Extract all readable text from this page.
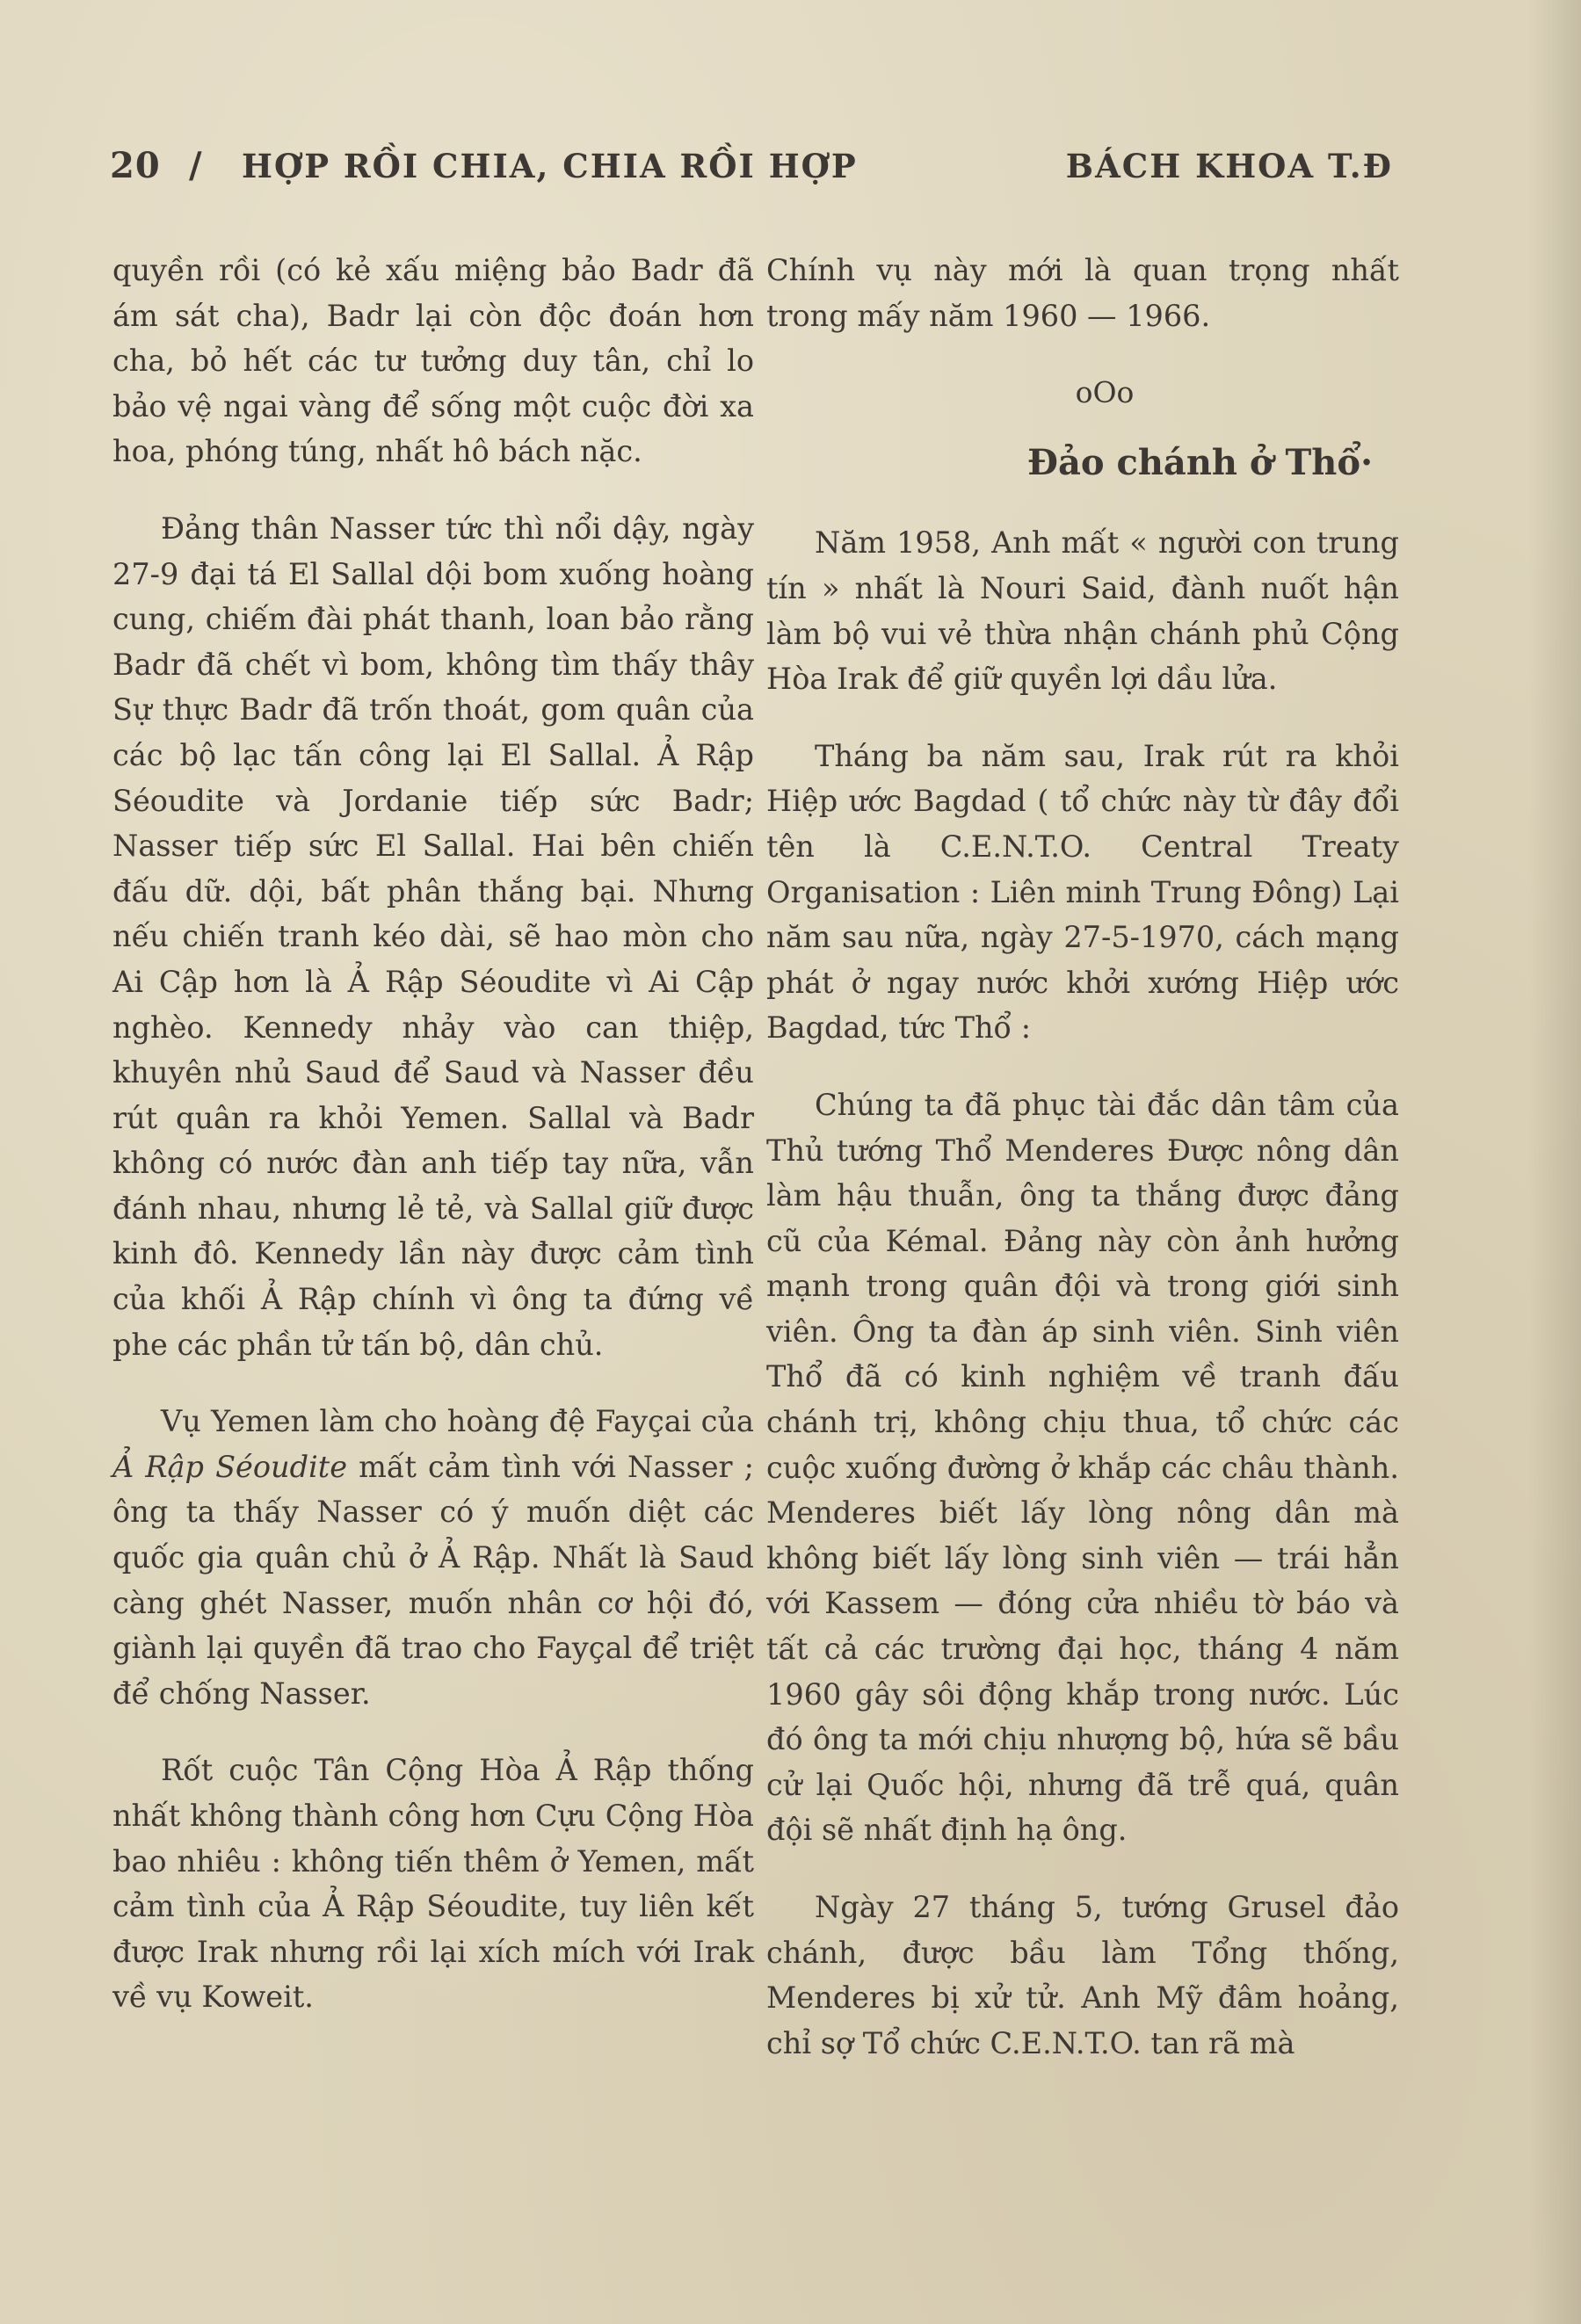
20 / HỢP RỒI CHIA, CHIA RỒI HỢP	BÁCH KHOA T.Đ

quyền rồi (có kẻ xấu miệng bảo Badr đã ám sát cha), Badr lại còn độc đoán hơn cha, bỏ hết các tư tưởng duy tân, chỉ lo bảo vệ ngai vàng để sống một cuộc đời xa hoa, phóng túng, nhất hô bách nặc.

Đảng thân Nasser tức thì nổi dậy, ngày 27-9 đại tá El Sallal dội bom xuống hoàng cung, chiếm đài phát thanh, loan bảo rằng Badr đã chết vì bom, không tìm thấy thây Sự thực Badr đã trốn thoát, gom quân của các bộ lạc tấn công lại El Sallal. Ả Rập Séoudite và Jordanie tiếp sức Badr; Nasser tiếp sức El Sallal. Hai bên chiến đấu dữ. dội, bất phân thắng bại. Nhưng nếu chiến tranh kéo dài, sẽ hao mòn cho Ai Cập hơn là Ả Rập Séoudite vì Ai Cập nghèo. Kennedy nhảy vào can thiệp, khuyên nhủ Saud để Saud và Nasser đều rút quân ra khỏi Yemen. Sallal và Badr không có nước đàn anh tiếp tay nữa, vẫn đánh nhau, nhưng lẻ tẻ, và Sallal giữ được kinh đô. Kennedy lần này được cảm tình của khối Ả Rập chính vì ông ta đứng về phe các phần tử tấn bộ, dân chủ.

Vụ Yemen làm cho hoàng đệ Fayçai của Ả Rập Séoudite mất cảm tình với Nasser ; ông ta thấy Nasser có ý muốn diệt các quốc gia quân chủ ở Ả Rập. Nhất là Saud càng ghét Nasser, muốn nhân cơ hội đó, giành lại quyền đã trao cho Fayçal để triệt để chống Nasser.

Rốt cuộc Tân Cộng Hòa Ả Rập thống nhất không thành công hơn Cựu Cộng Hòa bao nhiêu : không tiến thêm ở Yemen, mất cảm tình của Ả Rập Séoudite, tuy liên kết được Irak nhưng rồi lại xích mích với Irak về vụ Koweit.

Chính vụ này mới là quan trọng nhất trong mấy năm 1960 — 1966.

oOo
Đảo chánh ở Thổ·

Năm 1958, Anh mất « người con trung tín » nhất là Nouri Said, đành nuốt hận làm bộ vui vẻ thừa nhận chánh phủ Cộng Hòa Irak để giữ quyền lợi dầu lửa.

Tháng ba năm sau, Irak rút ra khỏi Hiệp ước Bagdad ( tổ chức này từ đây đổi tên là C.E.N.T.O. Central Treaty Organisation : Liên minh Trung Đông) Lại năm sau nữa, ngày 27-5-1970, cách mạng phát ở ngay nước khởi xướng Hiệp ước Bagdad, tức Thổ :

Chúng ta đã phục tài đắc dân tâm của Thủ tướng Thổ Menderes Được nông dân làm hậu thuẫn, ông ta thắng được đảng cũ của Kémal. Đảng này còn ảnh hưởng mạnh trong quân đội và trong giới sinh viên. Ông ta đàn áp sinh viên. Sinh viên Thổ đã có kinh nghiệm về tranh đấu chánh trị, không chịu thua, tổ chức các cuộc xuống đường ở khắp các châu thành. Menderes biết lấy lòng nông dân mà không biết lấy lòng sinh viên — trái hẳn với Kassem — đóng cửa nhiều tờ báo và tất cả các trường đại học, tháng 4 năm 1960 gây sôi động khắp trong nước. Lúc đó ông ta mới chịu nhượng bộ, hứa sẽ bầu cử lại Quốc hội, nhưng đã trễ quá, quân đội sẽ nhất định hạ ông.

Ngày 27 tháng 5, tướng Grusel đảo chánh, được bầu làm Tổng thống, Menderes bị xử tử. Anh Mỹ đâm hoảng, chỉ sợ Tổ chức C.E.N.T.O. tan rã mà
